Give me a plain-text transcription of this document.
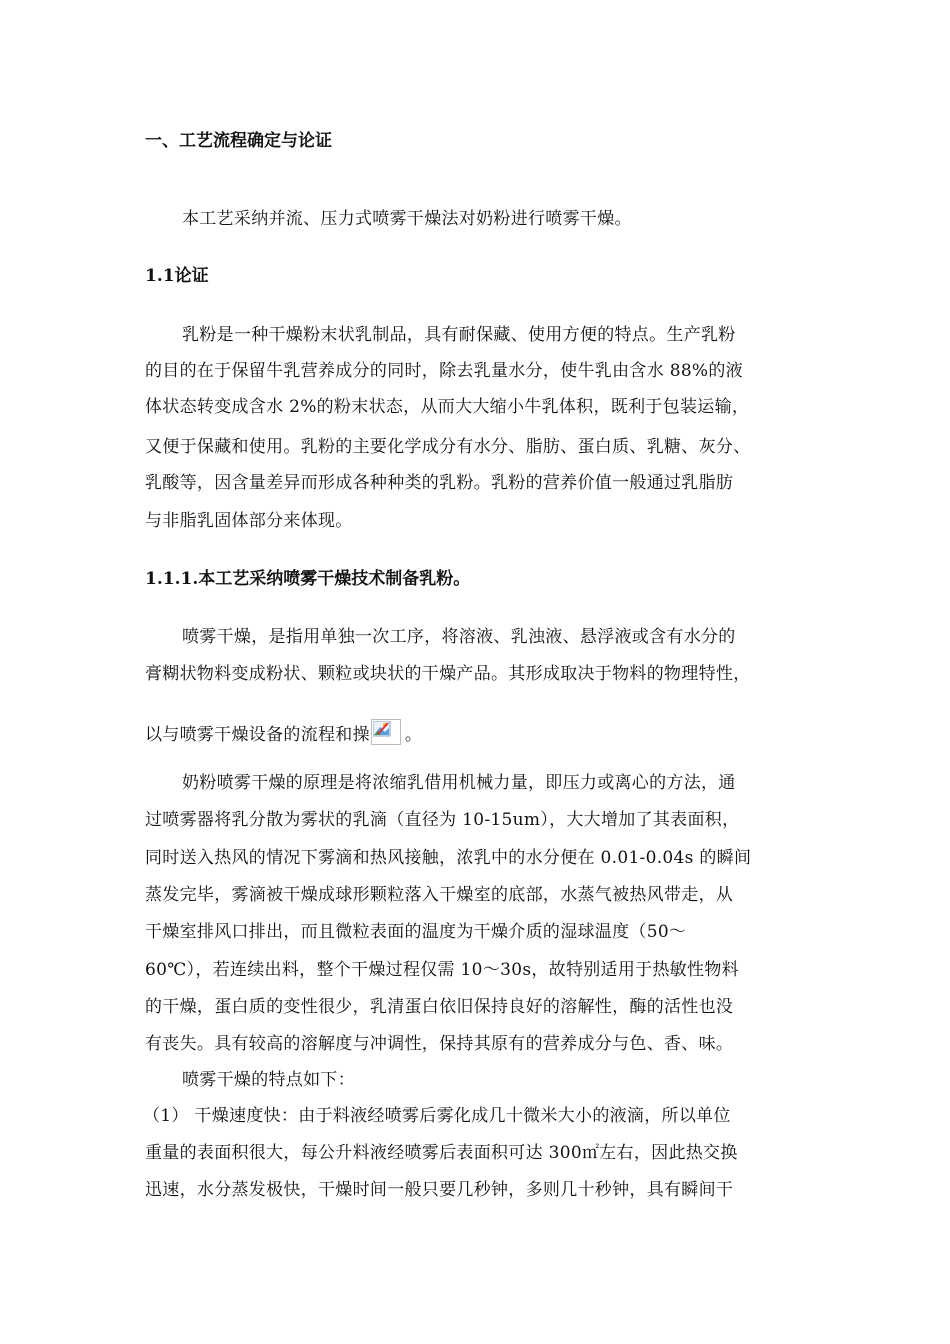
一、工艺流程确定与论证
本工艺采纳并流、压力式喷雾干燥法对奶粉进行喷雾干燥。
1.1论证
乳粉是一种干燥粉末状乳制品，具有耐保藏、使用方便的特点。生产乳粉
的目的在于保留牛乳营养成分的同时，除去乳量水分，使牛乳由含水 88%的液
体状态转变成含水 2%的粉末状态，从而大大缩小牛乳体积，既利于包装运输，
又便于保藏和使用。乳粉的主要化学成分有水分、脂肪、蛋白质、乳糖、灰分、
乳酸等，因含量差异而形成各种种类的乳粉。乳粉的营养价值一般通过乳脂肪
与非脂乳固体部分来体现。
1.1.1.本工艺采纳喷雾干燥技术制备乳粉。
喷雾干燥，是指用单独一次工序，将溶液、乳浊液、悬浮液或含有水分的
膏糊状物料变成粉状、颗粒或块状的干燥产品。其形成取决于物料的物理特性，
以与喷雾干燥设备的流程和操 。
奶粉喷雾干燥的原理是将浓缩乳借用机械力量，即压力或离心的方法，通
过喷雾器将乳分散为雾状的乳滴（直径为 10-15um），大大增加了其表面积，
同时送入热风的情况下雾滴和热风接触，浓乳中的水分便在 0.01-0.04s 的瞬间
蒸发完毕，雾滴被干燥成球形颗粒落入干燥室的底部，水蒸气被热风带走，从
干燥室排风口排出，而且微粒表面的温度为干燥介质的湿球温度（50～
60℃），若连续出料，整个干燥过程仅需 10～30s，故特别适用于热敏性物料
的干燥，蛋白质的变性很少，乳清蛋白依旧保持良好的溶解性，酶的活性也没
有丧失。具有较高的溶解度与冲调性，保持其原有的营养成分与色、香、味。
喷雾干燥的特点如下：
（1） 干燥速度快：由于料液经喷雾后雾化成几十微米大小的液滴，所以单位
重量的表面积很大，每公升料液经喷雾后表面积可达 300㎡左右，因此热交换
迅速，水分蒸发极快，干燥时间一般只要几秒钟，多则几十秒钟，具有瞬间干
